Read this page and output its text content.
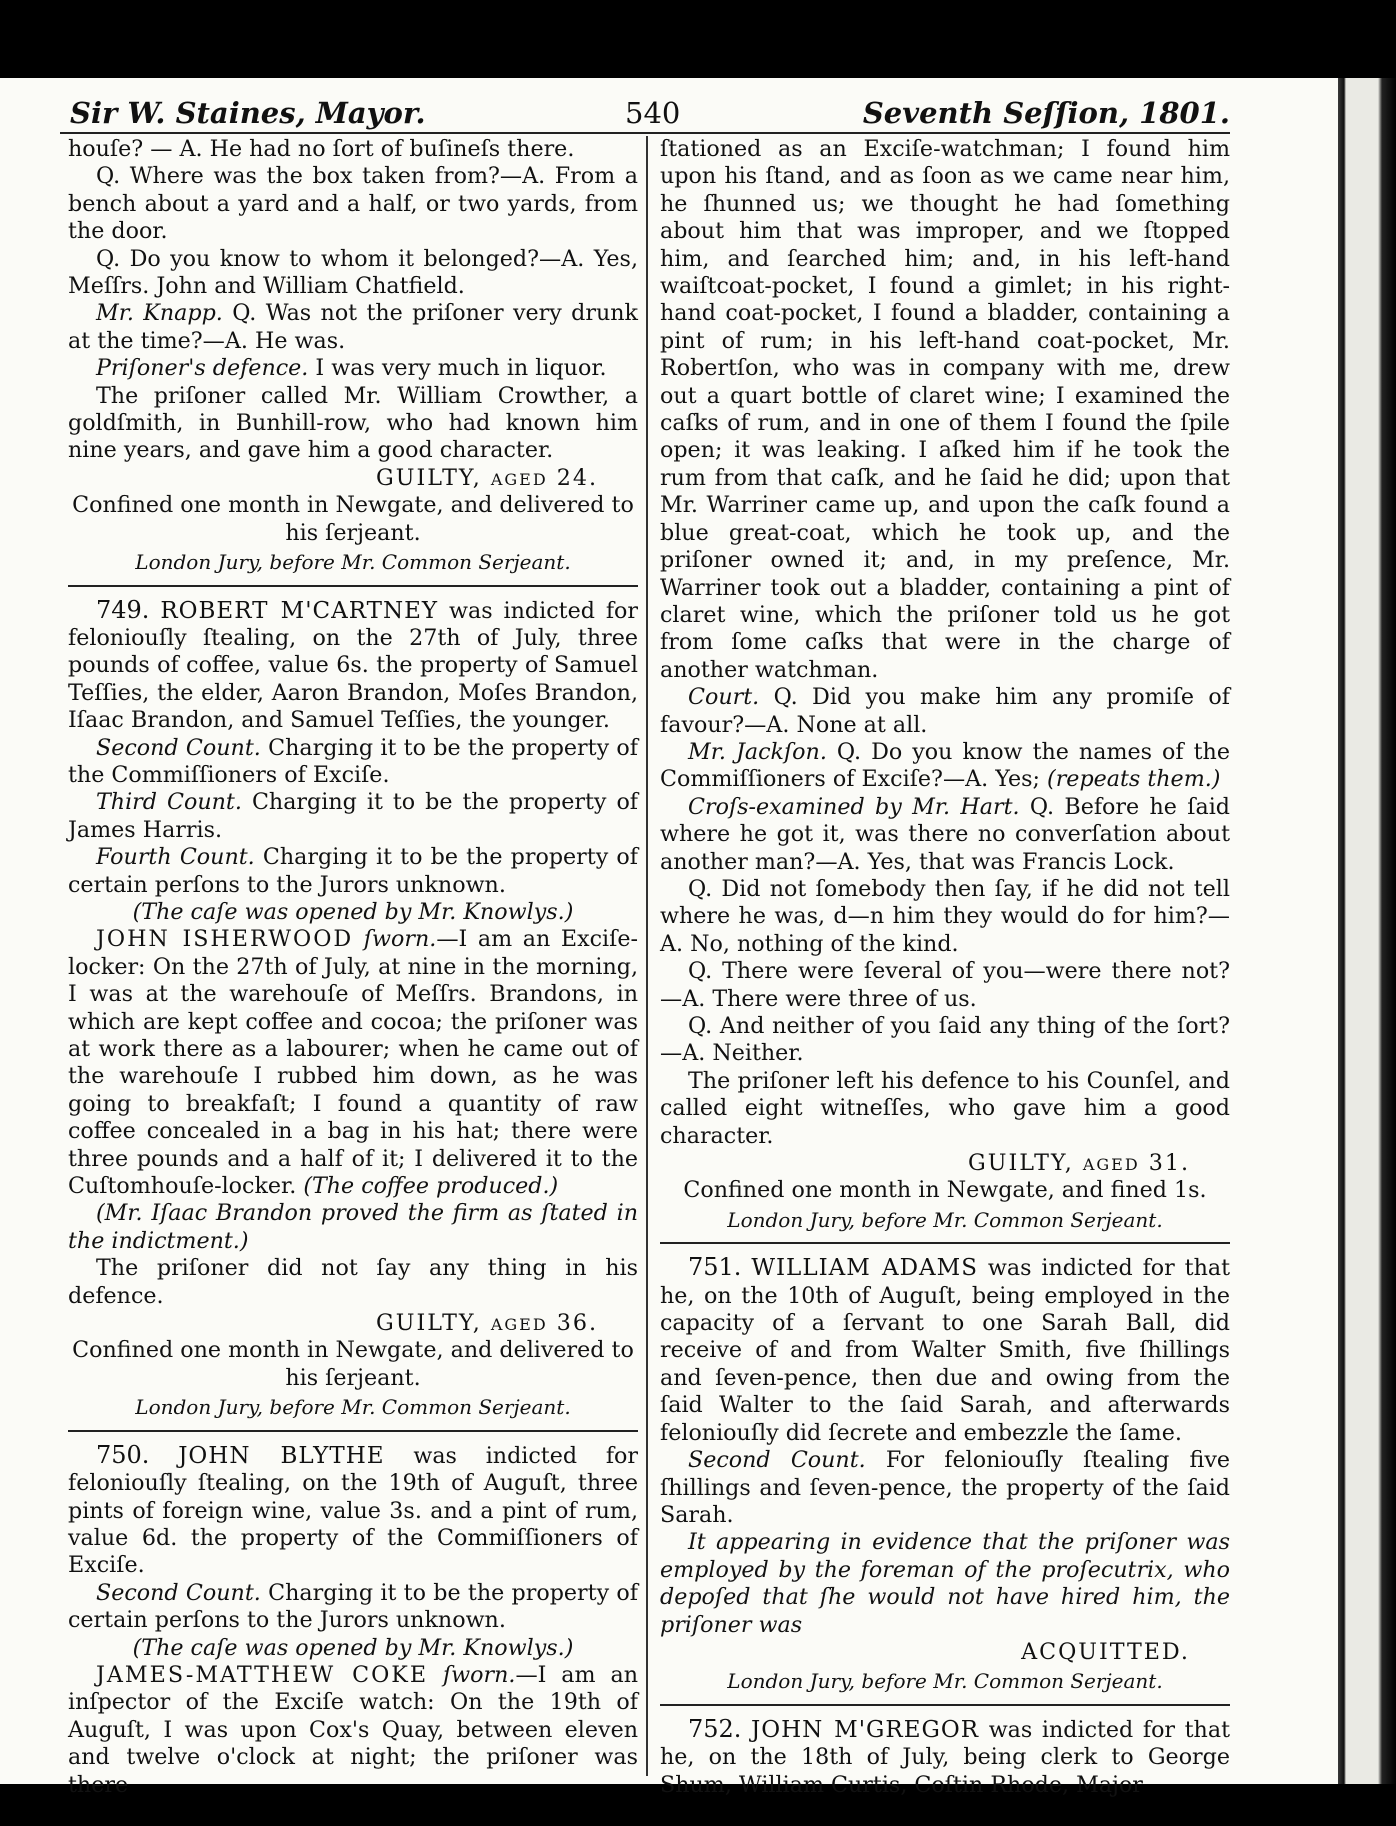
Sir W. Staines, Mayor.	540	Seventh Seſſion, 1801.

houſe? — A. He had no ſort of buſineſs there.

Q. Where was the box taken from?—A. From a bench about a yard and a half, or two yards, from the door.

Q. Do you know to whom it belonged?—A. Yes, Meſſrs. John and William Chatfield.

Mr. Knapp. Q. Was not the priſoner very drunk at the time?—A. He was.

Priſoner's defence. I was very much in liquor.

The priſoner called Mr. William Crowther, a goldſmith, in Bunhill-row, who had known him nine years, and gave him a good character.

GUILTY, aged 24.

Confined one month in Newgate, and delivered to his ſerjeant.

London Jury, before Mr. Common Serjeant.

749. ROBERT M'CARTNEY was indicted for feloniouſly ſtealing, on the 27th of July, three pounds of coffee, value 6s. the property of Samuel Teſſies, the elder, Aaron Brandon, Moſes Brandon, Iſaac Brandon, and Samuel Teſſies, the younger.

Second Count. Charging it to be the property of the Commiſſioners of Exciſe.

Third Count. Charging it to be the property of James Harris.

Fourth Count. Charging it to be the property of certain perſons to the Jurors unknown.

(The caſe was opened by Mr. Knowlys.)

JOHN ISHERWOOD ſworn.—I am an Exciſe-locker: On the 27th of July, at nine in the morning, I was at the warehouſe of Meſſrs. Brandons, in which are kept coffee and cocoa; the priſoner was at work there as a labourer; when he came out of the warehouſe I rubbed him down, as he was going to breakfaſt; I found a quantity of raw coffee concealed in a bag in his hat; there were three pounds and a half of it; I delivered it to the Cuſtomhouſe-locker. (The coffee produced.)

(Mr. Iſaac Brandon proved the firm as ſtated in the indictment.)

The priſoner did not ſay any thing in his defence.

GUILTY, aged 36.

Confined one month in Newgate, and delivered to his ſerjeant.

London Jury, before Mr. Common Serjeant.

750. JOHN BLYTHE was indicted for feloniouſly ſtealing, on the 19th of Auguſt, three pints of foreign wine, value 3s. and a pint of rum, value 6d. the property of the Commiſſioners of Exciſe.

Second Count. Charging it to be the property of certain perſons to the Jurors unknown.

(The caſe was opened by Mr. Knowlys.)

JAMES-MATTHEW COKE ſworn.—I am an inſpector of the Exciſe watch: On the 19th of Auguſt, I was upon Cox's Quay, between eleven and twelve o'clock at night; the priſoner was there

ſtationed as an Exciſe-watchman; I found him upon his ſtand, and as ſoon as we came near him, he ſhunned us; we thought he had ſomething about him that was improper, and we ſtopped him, and ſearched him; and, in his left-hand waiſtcoat-pocket, I found a gimlet; in his right-hand coat-pocket, I found a bladder, containing a pint of rum; in his left-hand coat-pocket, Mr. Robertſon, who was in company with me, drew out a quart bottle of claret wine; I examined the caſks of rum, and in one of them I found the ſpile open; it was leaking. I aſked him if he took the rum from that caſk, and he ſaid he did; upon that Mr. Warriner came up, and upon the caſk found a blue great-coat, which he took up, and the priſoner owned it; and, in my preſence, Mr. Warriner took out a bladder, containing a pint of claret wine, which the priſoner told us he got from ſome caſks that were in the charge of another watchman.

Court. Q. Did you make him any promiſe of favour?—A. None at all.

Mr. Jackſon. Q. Do you know the names of the Commiſſioners of Exciſe?—A. Yes; (repeats them.)

Croſs-examined by Mr. Hart. Q. Before he ſaid where he got it, was there no converſation about another man?—A. Yes, that was Francis Lock.

Q. Did not ſomebody then ſay, if he did not tell where he was, d—n him they would do for him?—A. No, nothing of the kind.

Q. There were ſeveral of you—were there not? —A. There were three of us.

Q. And neither of you ſaid any thing of the ſort?—A. Neither.

The priſoner left his defence to his Counſel, and called eight witneſſes, who gave him a good character.

GUILTY, aged 31.

Confined one month in Newgate, and fined 1s.

London Jury, before Mr. Common Serjeant.

751. WILLIAM ADAMS was indicted for that he, on the 10th of Auguſt, being employed in the capacity of a ſervant to one Sarah Ball, did receive of and from Walter Smith, five ſhillings and ſeven-pence, then due and owing from the ſaid Walter to the ſaid Sarah, and afterwards feloniouſly did ſecrete and embezzle the ſame.

Second Count. For feloniouſly ſtealing five ſhillings and ſeven-pence, the property of the ſaid Sarah.

It appearing in evidence that the priſoner was employed by the foreman of the proſecutrix, who depoſed that ſhe would not have hired him, the priſoner was

ACQUITTED.

London Jury, before Mr. Common Serjeant.

752. JOHN M'GREGOR was indicted for that he, on the 18th of July, being clerk to George Shum, William Curtis, Coſtin Rhode, Major
